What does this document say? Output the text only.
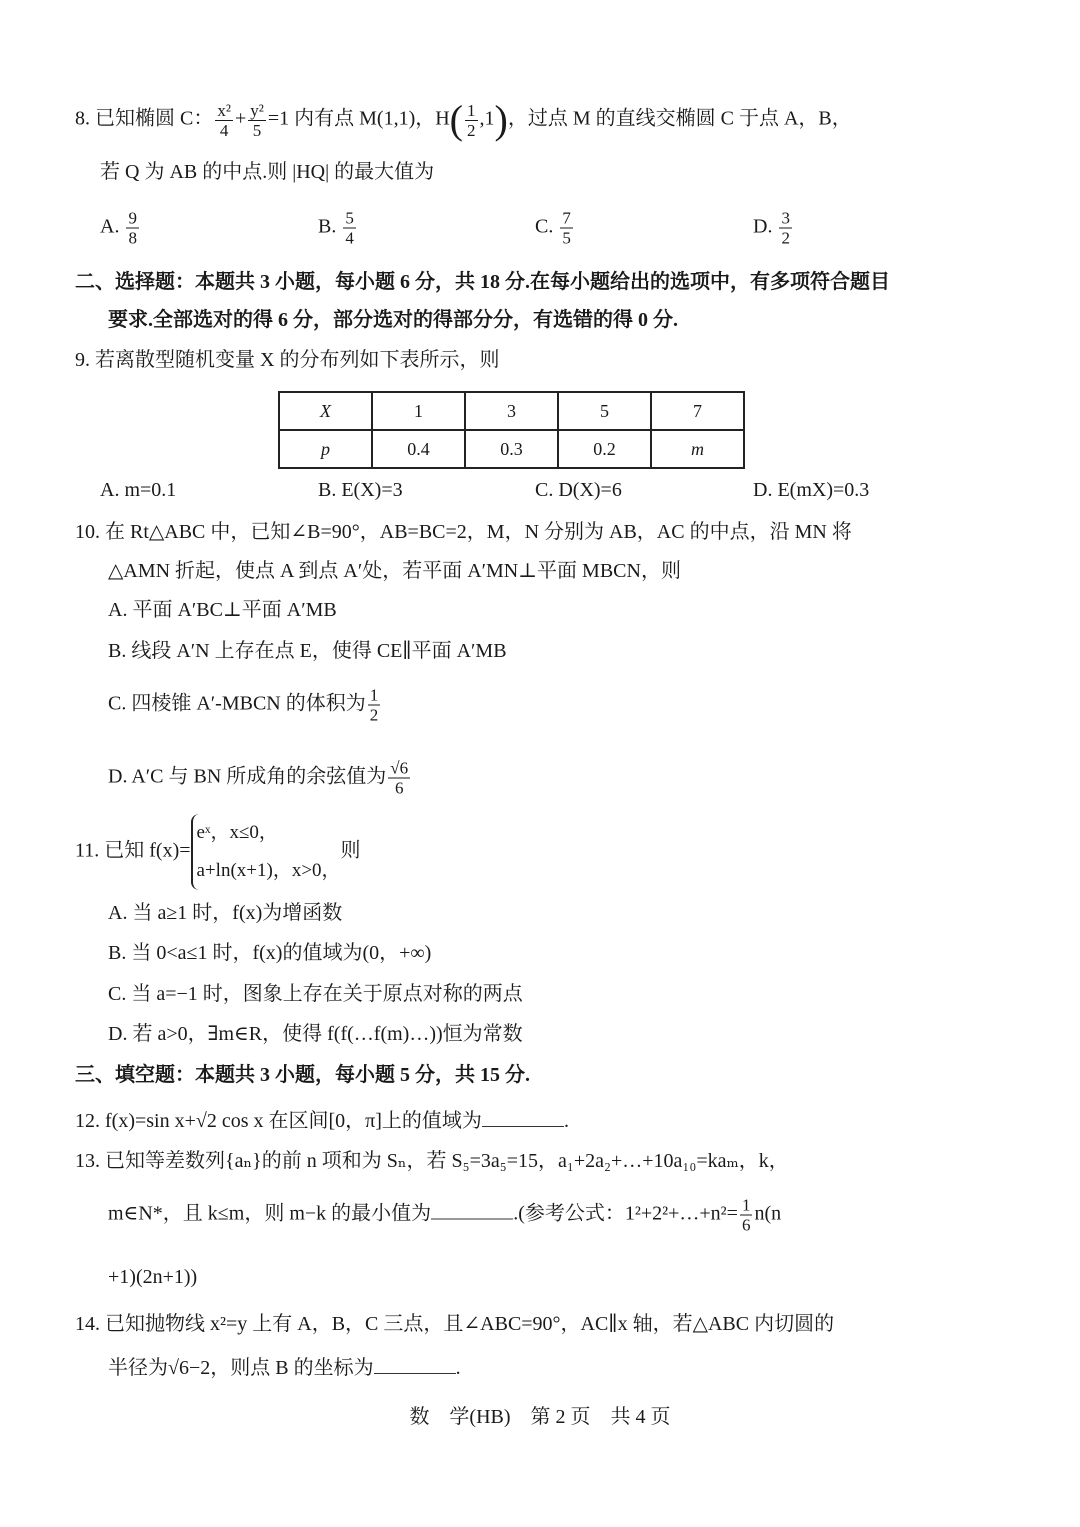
8. 已知椭圆 C： $\frac{\text{x²}}{4} + \frac{\text{y²}}{5} =1$ 内有点 M(1,1)，$H( \frac{1}{2} ,1)$，过点 M 的直线交椭圆 C 于点 A，B，
若 Q 为 AB 的中点.则 |HQ| 的最大值为
A. $\frac{9}{8}$	B. $\frac{5}{4}$	C. $\frac{7}{5}$	D. $\frac{3}{2}$
二、选择题：本题共 3 小题，每小题 6 分，共 18 分.在每小题给出的选项中，有多项符合题目
要求.全部选对的得 6 分，部分选对的得部分分，有选错的得 0 分.
9. 若离散型随机变量 X 的分布列如下表所示，则
X	1	3	5	7
p	0.4	0.3	0.2	m
A. m=0.1	B. E(X)=3	C. D(X)=6	D. E(mX)=0.3
10. 在 Rt△ABC 中，已知∠B=90°，AB=BC=2，M，N 分别为 AB，AC 的中点，沿 MN 将
△AMN 折起，使点 A 到点 A′处，若平面 A′MN⊥平面 MBCN，则
A. 平面 A′BC⊥平面 A′MB
B. 线段 A′N 上存在点 E，使得 CE∥平面 A′MB
C. 四棱锥 A′-MBCN 的体积为 $\frac{1}{2}$
D. A′C 与 BN 所成角的余弦值为 $\frac{√6}{6}$
11. 已知 f(x)=
eˣ，x≤0，
a+ln(x+1)，x>0，
则
A. 当 a≥1 时，f(x)为增函数
B. 当 0<a≤1 时，f(x)的值域为(0，+∞)
C. 当 a=−1 时，图象上存在关于原点对称的两点
D. 若 a>0，∃m∈R，使得 f(f(…f(m)…))恒为常数
三、填空题：本题共 3 小题，每小题 5 分，共 15 分.
12. f(x)=sin x+√2 cos x 在区间[0，π]上的值域为	.
13. 已知等差数列{aₙ}的前 n 项和为 Sₙ，若 S₅=3a₅=15，a₁+2a₂+…+10a₁₀=kaₘ，k，
m∈N*，且 k≤m，则 m−k 的最小值为	.(参考公式：1²+2²+…+n²= $\frac{1}{6} n(n$
+1)(2n+1))
14. 已知抛物线 x²=y 上有 A，B，C 三点，且∠ABC=90°，AC∥x 轴，若△ABC 内切圆的
半径为√6−2，则点 B 的坐标为	.
数　学(HB)　第 2 页　共 4 页
